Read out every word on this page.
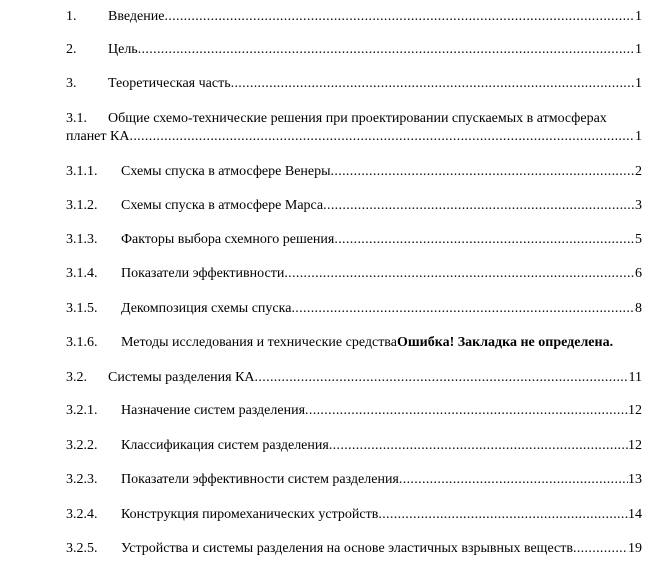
1.	Введение .....	1
2.	Цель .....	1
3.	Теоретическая часть .....	1
3.1. Общие схемо-технические решения при проектировании спускаемых в атмосферах
планет КА .....	1
3.1.1.	Схемы спуска в атмосфере Венеры .....	2
3.1.2.	Схемы спуска в атмосфере Марса .....	3
3.1.3.	Факторы выбора схемного решения .....	5
3.1.4.	Показатели эффективности .....	6
3.1.5.	Декомпозиция схемы спуска .....	8
3.1.6.	Методы исследования и технические средства Ошибка! Закладка не определена.
3.2.	Системы разделения КА .....	11
3.2.1.	Назначение систем разделения .....	12
3.2.2.	Классификация систем разделения .....	12
3.2.3.	Показатели эффективности систем разделения .....	13
3.2.4.	Конструкция пиромеханических устройств .....	14
3.2.5.	Устройства и системы разделения на основе эластичных взрывных веществ .....	19
